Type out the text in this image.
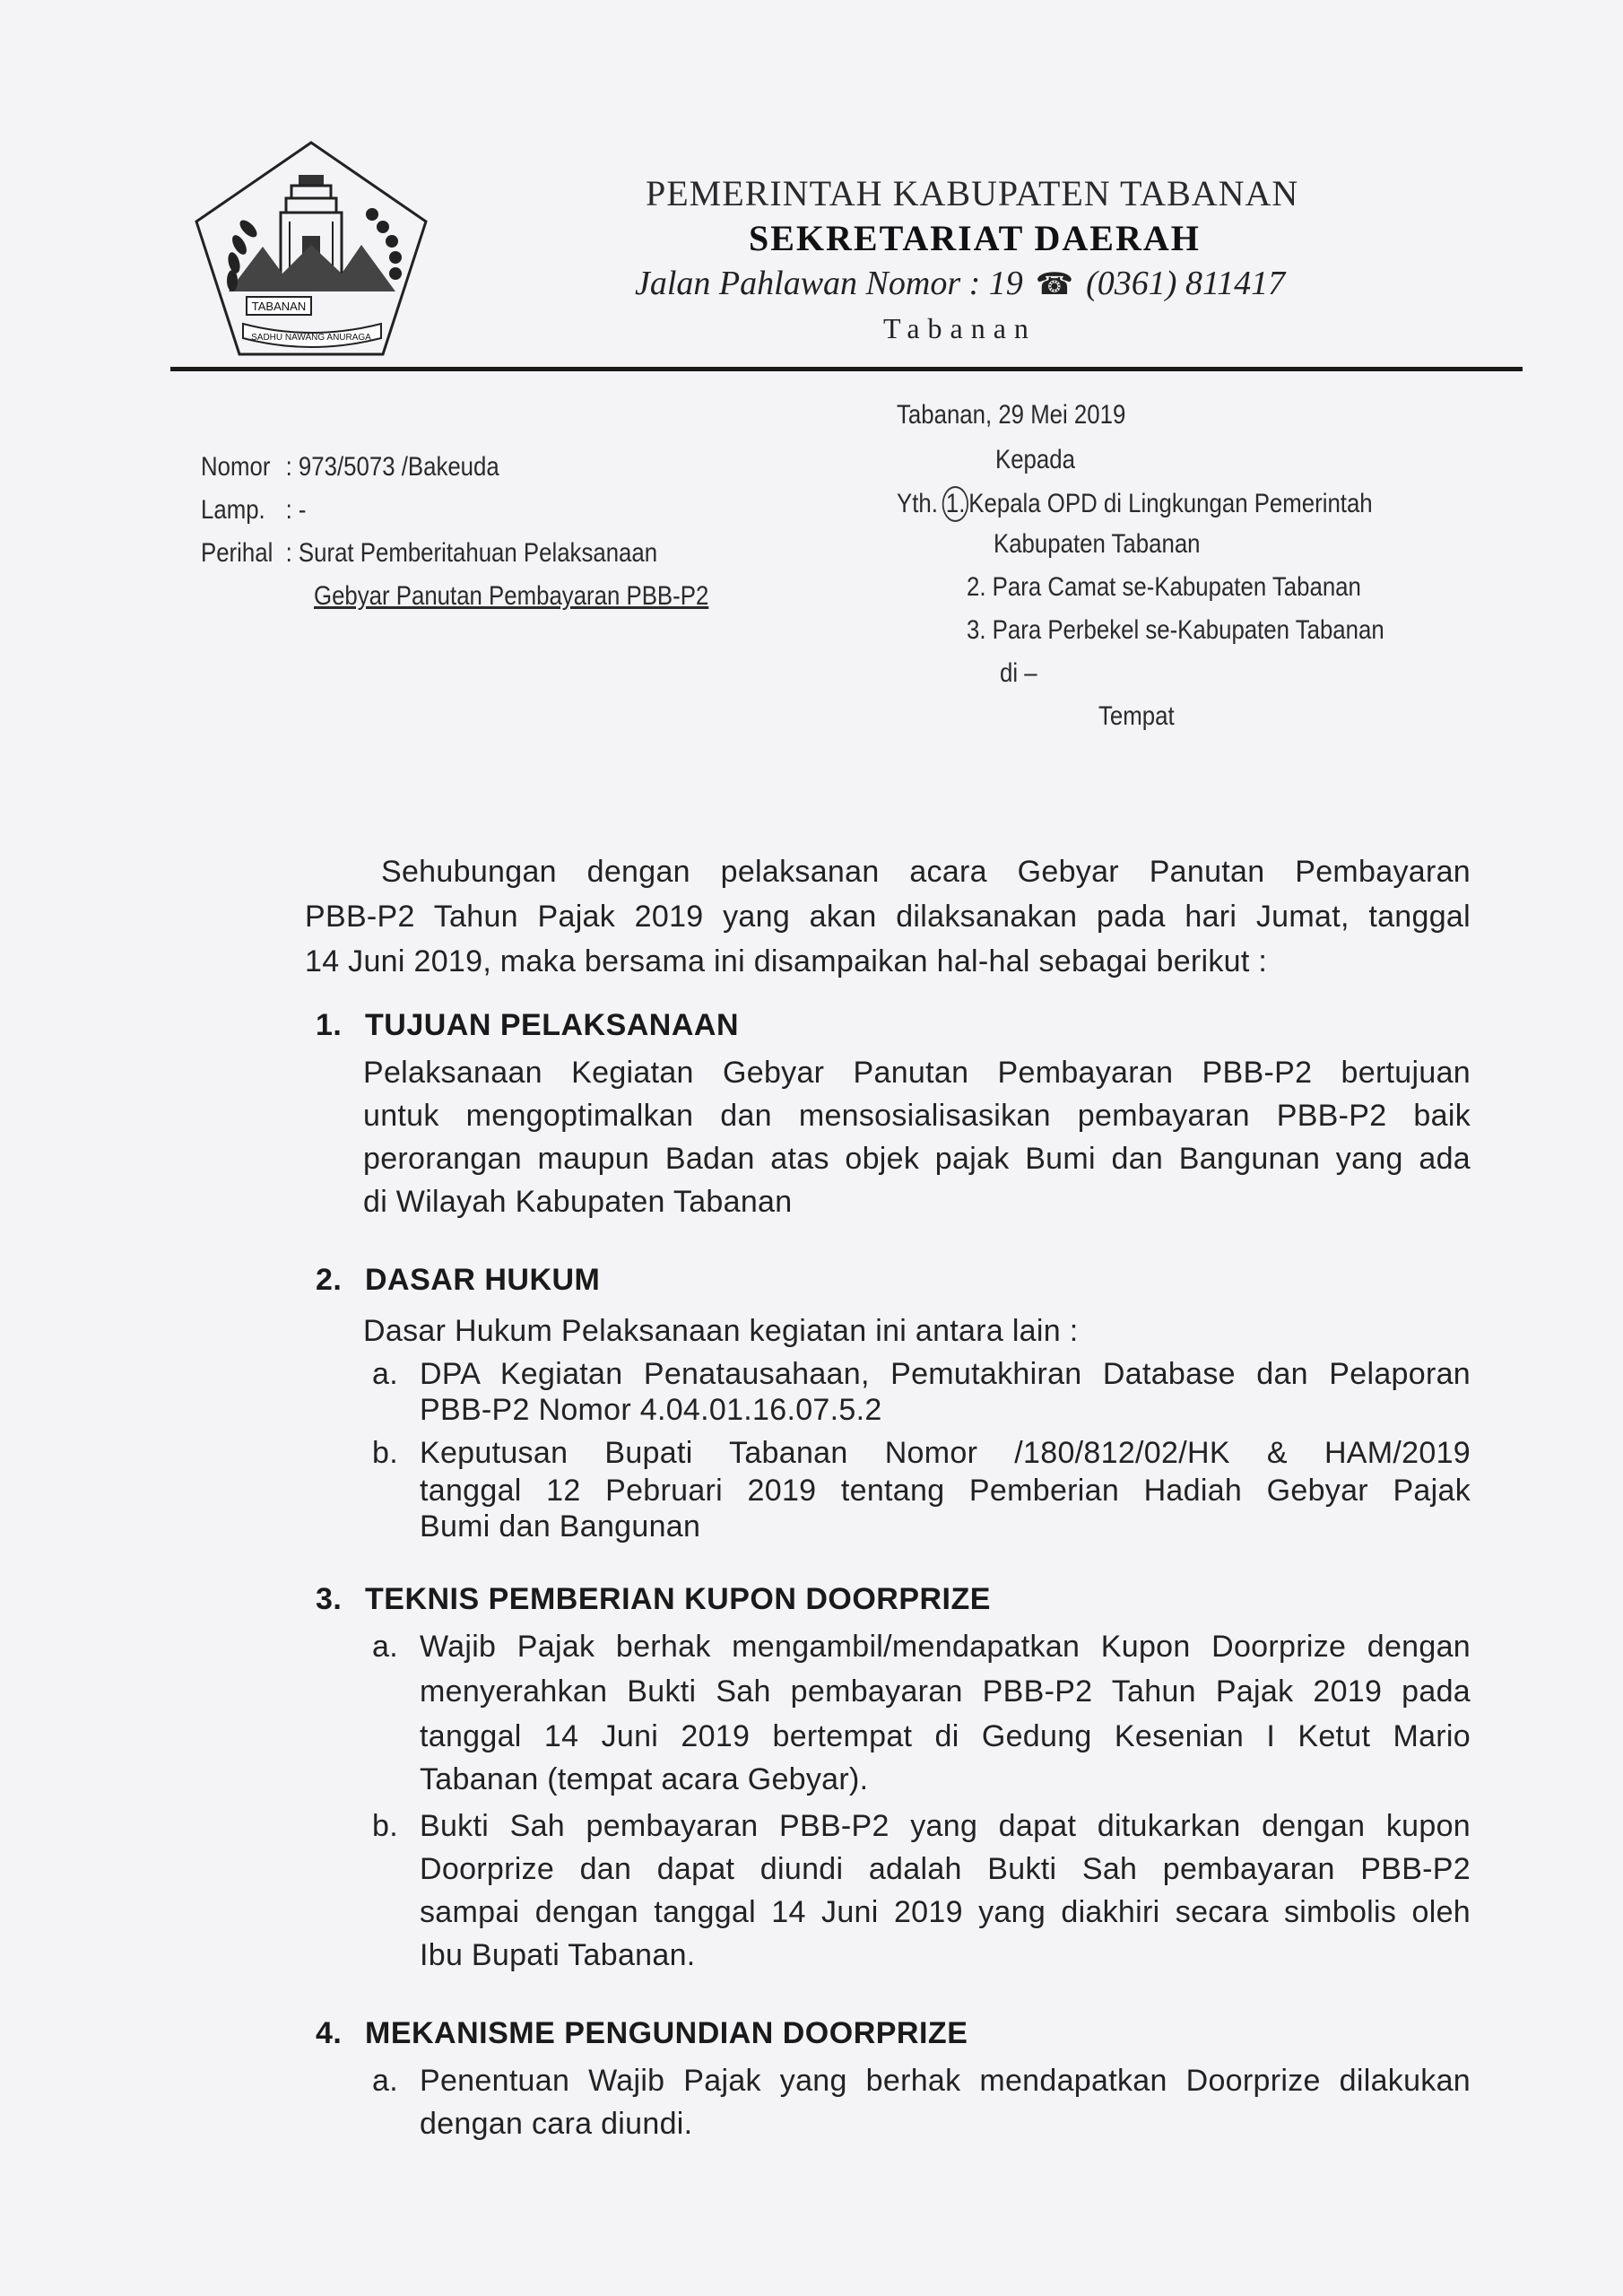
TABANAN
SADHU NAWANG ANURAGA
PEMERINTAH KABUPATEN TABANAN
SEKRETARIAT DAERAH
Jalan Pahlawan Nomor : 19 ☎ (0361) 811417
Tabanan
Tabanan, 29 Mei 2019
Kepada
Yth. 1. Kepala OPD di Lingkungan Pemerintah
Kabupaten Tabanan
2. Para Camat se-Kabupaten Tabanan
3. Para Perbekel se-Kabupaten Tabanan
di –
Tempat
Nomor : 973/5073 /Bakeuda
Lamp. : -
Perihal : Surat Pemberitahuan Pelaksanaan
Gebyar Panutan Pembayaran PBB-P2
Sehubungan dengan pelaksanan acara Gebyar Panutan Pembayaran
PBB-P2 Tahun Pajak 2019 yang akan dilaksanakan pada hari Jumat, tanggal
14 Juni 2019, maka bersama ini disampaikan hal-hal sebagai berikut :
1. TUJUAN PELAKSANAAN
Pelaksanaan Kegiatan Gebyar Panutan Pembayaran PBB-P2 bertujuan
untuk mengoptimalkan dan mensosialisasikan pembayaran PBB-P2 baik
perorangan maupun Badan atas objek pajak Bumi dan Bangunan yang ada
di Wilayah Kabupaten Tabanan
2. DASAR HUKUM
Dasar Hukum Pelaksanaan kegiatan ini antara lain :
a. DPA Kegiatan Penatausahaan, Pemutakhiran Database dan Pelaporan
PBB-P2 Nomor 4.04.01.16.07.5.2
b. Keputusan Bupati Tabanan Nomor /180/812/02/HK & HAM/2019
tanggal 12 Pebruari 2019 tentang Pemberian Hadiah Gebyar Pajak
Bumi dan Bangunan
3. TEKNIS PEMBERIAN KUPON DOORPRIZE
a. Wajib Pajak berhak mengambil/mendapatkan Kupon Doorprize dengan
menyerahkan Bukti Sah pembayaran PBB-P2 Tahun Pajak 2019 pada
tanggal 14 Juni 2019 bertempat di Gedung Kesenian I Ketut Mario
Tabanan (tempat acara Gebyar).
b. Bukti Sah pembayaran PBB-P2 yang dapat ditukarkan dengan kupon
Doorprize dan dapat diundi adalah Bukti Sah pembayaran PBB-P2
sampai dengan tanggal 14 Juni 2019 yang diakhiri secara simbolis oleh
Ibu Bupati Tabanan.
4. MEKANISME PENGUNDIAN DOORPRIZE
a. Penentuan Wajib Pajak yang berhak mendapatkan Doorprize dilakukan
dengan cara diundi.
